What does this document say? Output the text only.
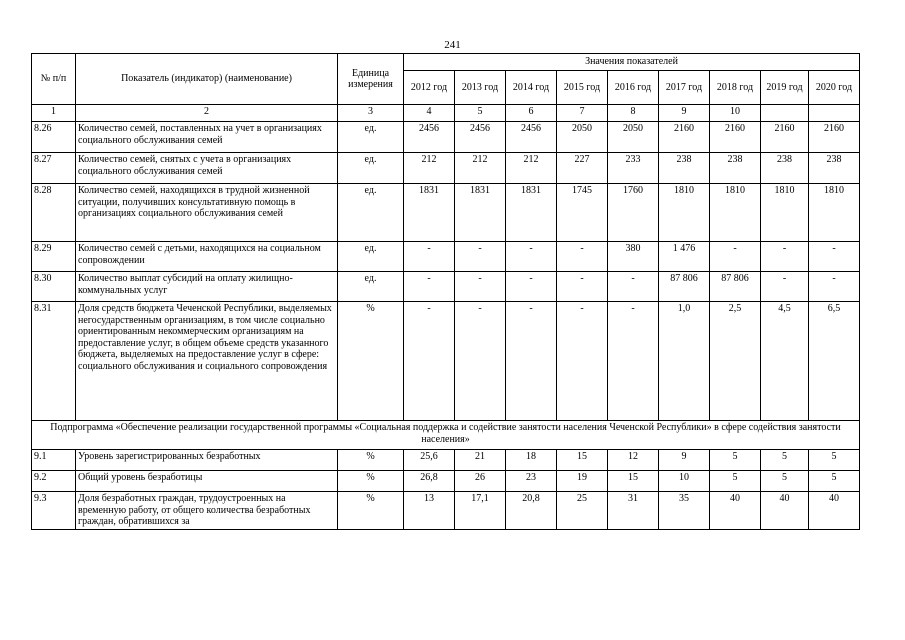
241
№ п/п	Показатель (индикатор) (наименование)	Единица измерения	Значения показателей								
			2012 год	2013 год	2014 год	2015 год	2016 год	2017 год	2018 год	2019 год	2020 год
1	2	3	4	5	6	7	8	9	10		
8.26	Количество семей, поставленных на учет в организациях социального обслуживания семей	ед.	2456	2456	2456	2050	2050	2160	2160	2160	2160
8.27	Количество семей, снятых с учета в организациях социального обслуживания семей	ед.	212	212	212	227	233	238	238	238	238
8.28	Количество семей, находящихся в трудной жизненной ситуации, получивших консультативную помощь в организациях социального обслуживания семей	ед.	1831	1831	1831	1745	1760	1810	1810	1810	1810
8.29	Количество семей с детьми, находящихся на социальном сопровождении	ед.	-	-	-	-	380	1 476	-	-	-
8.30	Количество выплат субсидий на оплату жилищно-коммунальных услуг	ед.	-	-	-	-	-	87 806	87 806	-	-
8.31	Доля средств бюджета Чеченской Республики, выделяемых негосударственным организациям, в том числе социально ориентированным некоммерческим организациям на предоставление услуг, в общем объеме средств указанного бюджета, выделяемых на предоставление услуг в сфере: социального обслуживания и социального сопровождения	%	-	-	-	-	-	1,0	2,5	4,5	6,5
Подпрограмма «Обеспечение реализации государственной программы «Социальная поддержка и содействие занятости населения Чеченской Республики» в сфере содействия занятости населения»											
9.1	Уровень зарегистрированных безработных	%	25,6	21	18	15	12	9	5	5	5
9.2	Общий уровень безработицы	%	26,8	26	23	19	15	10	5	5	5
9.3	Доля безработных граждан, трудоустроенных на временную работу, от общего количества безработных граждан, обратившихся за	%	13	17,1	20,8	25	31	35	40	40	40
